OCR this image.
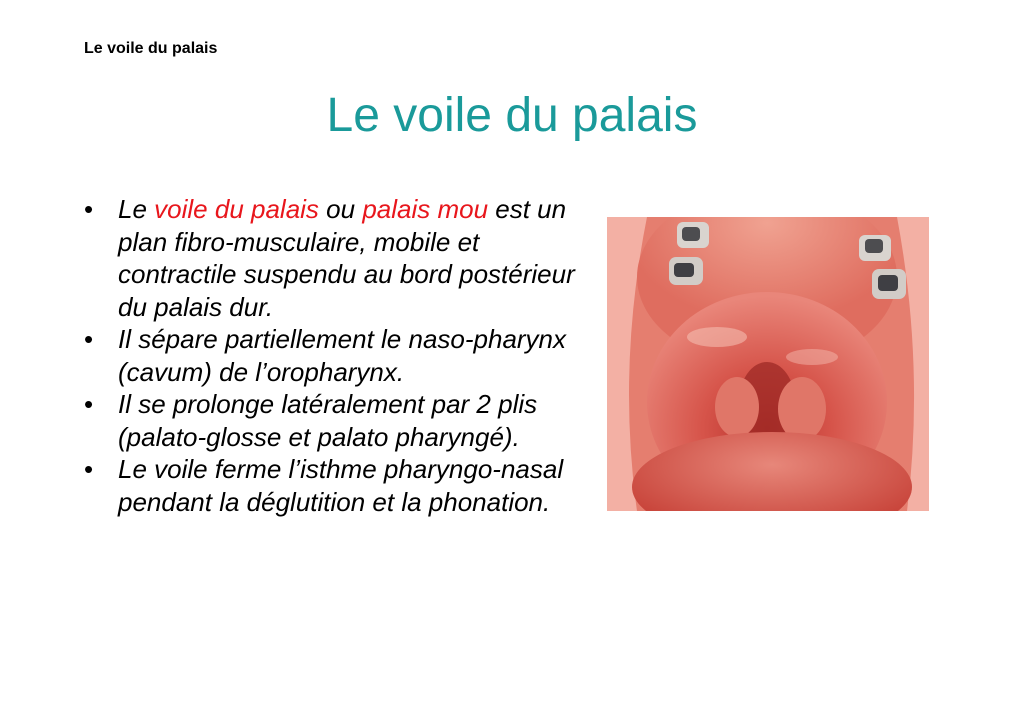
Le voile du palais
Le voile du palais
• Le voile du palais ou palais mou est un plan fibro-musculaire, mobile et contractile suspendu au bord postérieur du palais dur.
• Il sépare partiellement le naso-pharynx (cavum) de l’oropharynx.
• Il se prolonge latéralement par 2 plis (palato-glosse et palato pharyngé).
• Le voile ferme l’isthme pharyngo-nasal pendant la déglutition et la phonation.
